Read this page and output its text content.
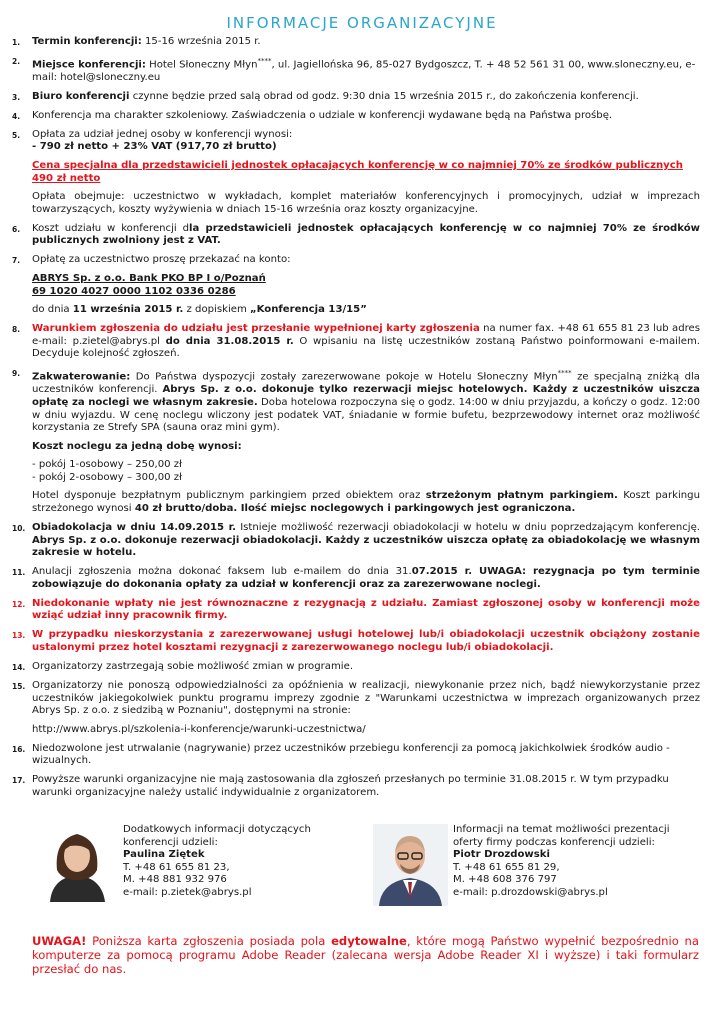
INFORMACJE ORGANIZACYJNE
1.	Termin konferencji: 15-16 września 2015 r.
2.	Miejsce konferencji: Hotel Słoneczny Młyn****, ul. Jagiellońska 96, 85-027 Bydgoszcz, T. + 48 52 561 31 00, www.sloneczny.eu, e-mail: hotel@sloneczny.eu
3.	Biuro konferencji czynne będzie przed salą obrad od godz. 9:30 dnia 15 września 2015 r., do zakończenia konferencji.
4.	Konferencja ma charakter szkoleniowy. Zaświadczenia o udziale w konferencji wydawane będą na Państwa prośbę.
5.	Opłata za udział jednej osoby w konferencji wynosi:
- 790 zł netto + 23% VAT (917,70 zł brutto)
Cena specjalna dla przedstawicieli jednostek opłacających konferencję w co najmniej 70% ze środków publicznych
490 zł netto
Opłata obejmuje: uczestnictwo w wykładach, komplet materiałów konferencyjnych i promocyjnych, udział w imprezach towarzyszących, koszty wyżywienia w dniach 15-16 września oraz koszty organizacyjne.
6.	Koszt udziału w konferencji dla przedstawicieli jednostek opłacających konferencję w co najmniej 70% ze środków publicznych zwolniony jest z VAT.
7.	Opłatę za uczestnictwo proszę przekazać na konto:
ABRYS Sp. z o.o. Bank PKO BP I o/Poznań
69 1020 4027 0000 1102 0336 0286
do dnia 11 września 2015 r. z dopiskiem „Konferencja 13/15”
8.	Warunkiem zgłoszenia do udziału jest przesłanie wypełnionej karty zgłoszenia na numer fax. +48 61 655 81 23 lub adres e-mail: p.zietel@abrys.pl do dnia 31.08.2015 r. O wpisaniu na listę uczestników zostaną Państwo poinformowani e-mailem. Decyduje kolejność zgłoszeń.
9.	Zakwaterowanie: Do Państwa dyspozycji zostały zarezerwowane pokoje w Hotelu Słoneczny Młyn**** ze specjalną zniżką dla uczestników konferencji. Abrys Sp. z o.o. dokonuje tylko rezerwacji miejsc hotelowych. Każdy z uczestników uiszcza opłatę za noclegi we własnym zakresie. Doba hotelowa rozpoczyna się o godz. 14:00 w dniu przyjazdu, a kończy o godz. 12:00 w dniu wyjazdu. W cenę noclegu wliczony jest podatek VAT, śniadanie w formie bufetu, bezprzewodowy internet oraz możliwość korzystania ze Strefy SPA (sauna oraz mini gym).
Koszt noclegu za jedną dobę wynosi:
- pokój 1-osobowy – 250,00 zł
- pokój 2-osobowy – 300,00 zł
Hotel dysponuje bezpłatnym publicznym parkingiem przed obiektem oraz strzeżonym płatnym parkingiem. Koszt parkingu strzeżonego wynosi 40 zł brutto/doba. Ilość miejsc noclegowych i parkingowych jest ograniczona.
10. Obiadokolacja w dniu 14.09.2015 r. Istnieje możliwość rezerwacji obiadokolacji w hotelu w dniu poprzedzającym konferencję. Abrys Sp. z o.o. dokonuje rezerwacji obiadokolacji. Każdy z uczestników uiszcza opłatę za obiadokolację we własnym zakresie w hotelu.
11. Anulacji zgłoszenia można dokonać faksem lub e-mailem do dnia 31.07.2015 r. UWAGA: rezygnacja po tym terminie zobowiązuje do dokonania opłaty za udział w konferencji oraz za zarezerwowane noclegi.
12. Niedokonanie wpłaty nie jest równoznaczne z rezygnacją z udziału. Zamiast zgłoszonej osoby w konferencji może wziąć udział inny pracownik firmy.
13. W przypadku nieskorzystania z zarezerwowanej usługi hotelowej lub/i obiadokolacji uczestnik obciążony zostanie ustalonymi przez hotel kosztami rezygnacji z zarezerwowanego noclegu lub/i obiadokolacji.
14. Organizatorzy zastrzegają sobie możliwość zmian w programie.
15. Organizatorzy nie ponoszą odpowiedzialności za opóźnienia w realizacji, niewykonanie przez nich, bądź niewykorzystanie przez uczestników jakiegokolwiek punktu programu imprezy zgodnie z "Warunkami uczestnictwa w imprezach organizowanych przez Abrys Sp. z o.o. z siedzibą w Poznaniu", dostępnymi na stronie:
http://www.abrys.pl/szkolenia-i-konferencje/warunki-uczestnictwa/
16. Niedozwolone jest utrwalanie (nagrywanie) przez uczestników przebiegu konferencji za pomocą jakichkolwiek środków audio -wizualnych.
17. Powyższe warunki organizacyjne nie mają zastosowania dla zgłoszeń przesłanych po terminie 31.08.2015 r. W tym przypadku warunki organizacyjne należy ustalić indywidualnie z organizatorem.
Dodatkowych informacji dotyczących
konferencji udzieli:
Paulina Ziętek
T. +48 61 655 81 23,
M. +48 881 932 976
e-mail: p.zietek@abrys.pl
Informacji na temat możliwości prezentacji
oferty firmy podczas konferencji udzieli:
Piotr Drozdowski
T. +48 61 655 81 29,
M. +48 608 376 797
e-mail: p.drozdowski@abrys.pl
UWAGA! Poniższa karta zgłoszenia posiada pola edytowalne, które mogą Państwo wypełnić bezpośrednio na komputerze za pomocą programu Adobe Reader (zalecana wersja Adobe Reader XI i wyższe) i taki formularz przesłać do nas.
